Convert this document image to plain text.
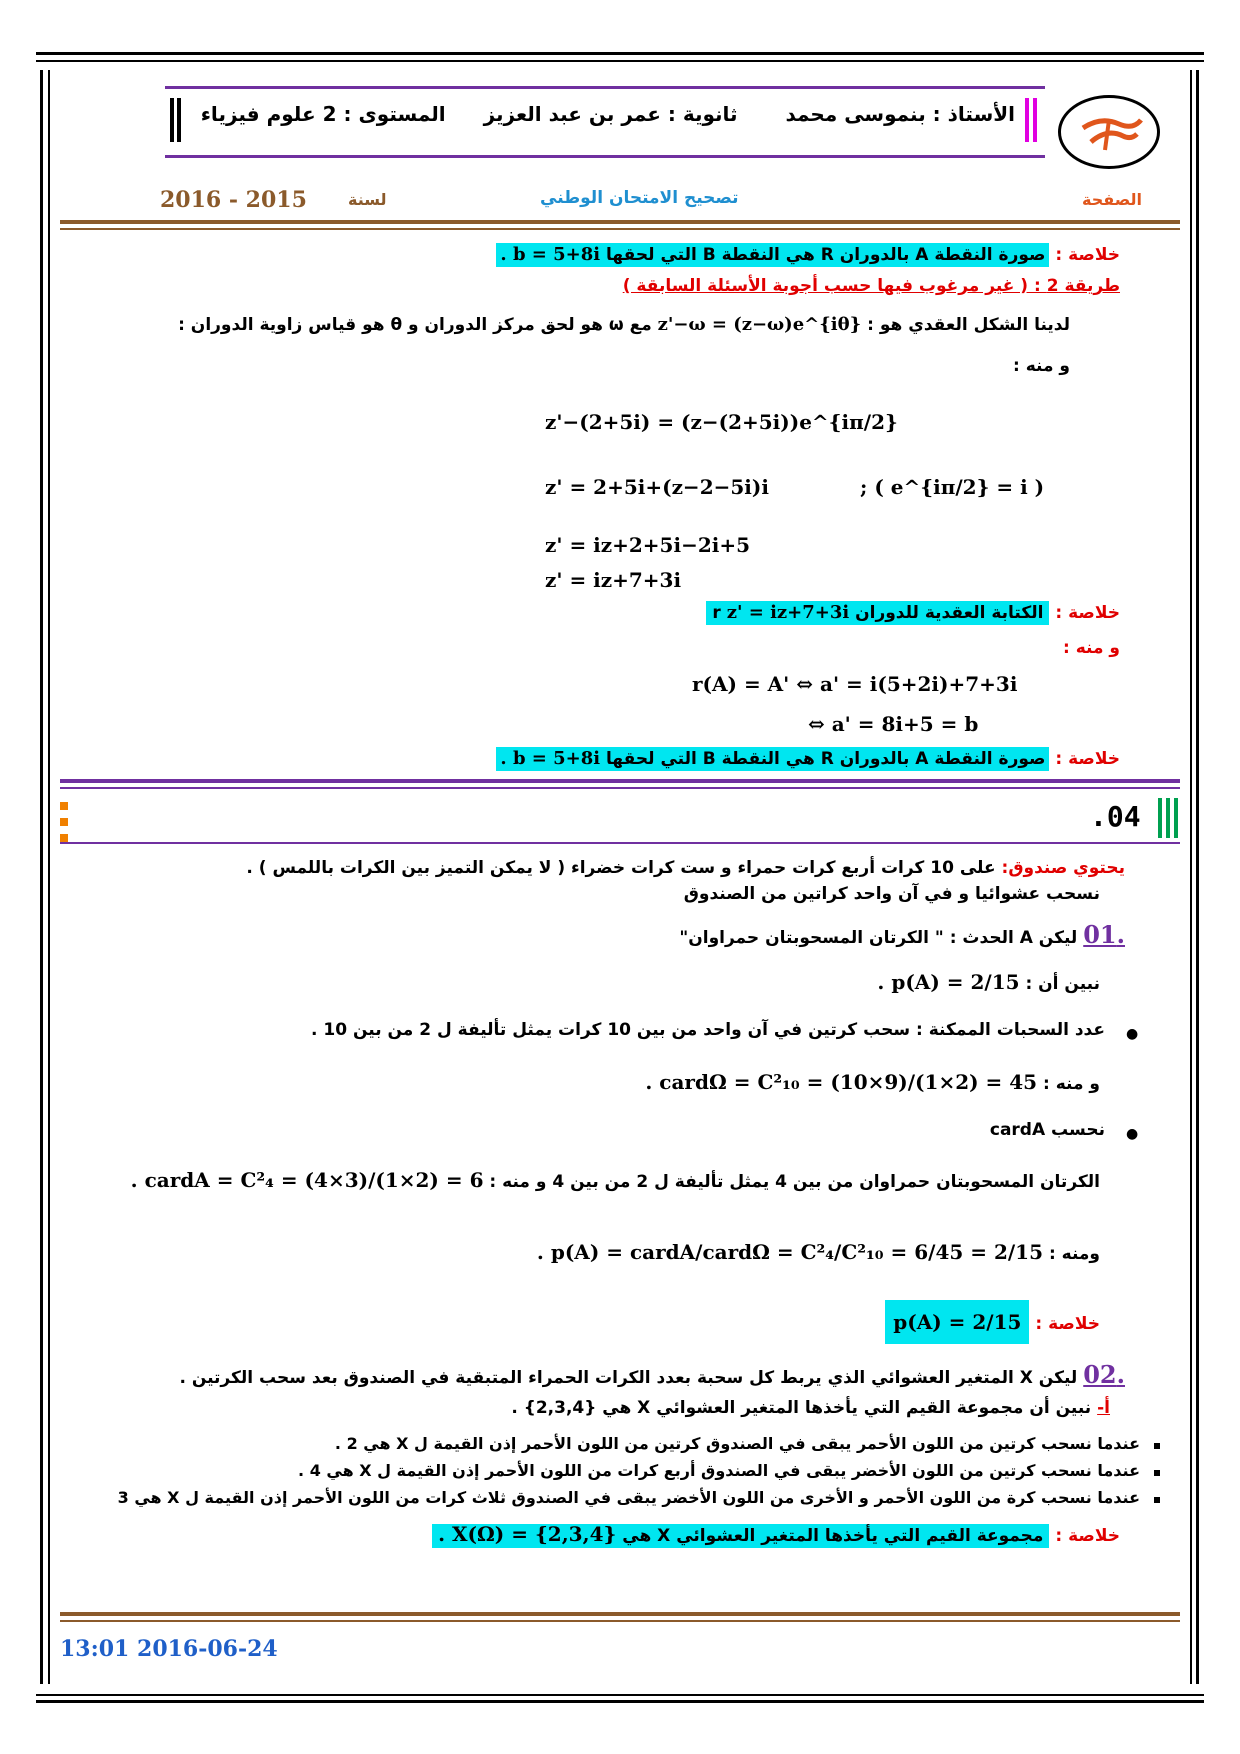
الأستاذ : بنموسى محمد  ثانوية : عمر بن عبد العزيز  المستوى : 2 علوم فيزياء
2016 - 2015	لسنة	تصحيح الامتحان الوطني	الصفحة
خلاصة : صورة النقطة A بالدوران R هي النقطة B التي لحقها b = 5+8i .
طريقة 2 : ( غير مرغوب فيها حسب أجوبة الأسئلة السابقة )
لدينا الشكل العقدي هو : z'−ω = (z−ω)e^{iθ} مع ω هو لحق مركز الدوران و θ هو قياس زاوية الدوران :
و منه :
z'−(2+5i) = (z−(2+5i))e^{iπ/2}
z' = 2+5i+(z−2−5i)i	; ( e^{iπ/2} = i )
z' = iz+2+5i−2i+5
z' = iz+7+3i
خلاصة : الكتابة العقدية للدوران r z' = iz+7+3i
و منه :
r(A) = A' ⇔ a' = i(5+2i)+7+3i
⇔ a' = 8i+5 = b
خلاصة : صورة النقطة A بالدوران R هي النقطة B التي لحقها b = 5+8i .
.04
يحتوي صندوق: على 10 كرات أربع كرات حمراء و ست كرات خضراء ( لا يمكن التميز بين الكرات باللمس ) .
نسحب عشوائيا و في آن واحد كراتين من الصندوق
.01 ليكن A الحدث : " الكرتان المسحوبتان حمراوان"
نبين أن : p(A) = 2/15 .
●
عدد السحبات الممكنة : سحب كرتين في آن واحد من بين 10 كرات يمثل تأليفة ل 2 من بين 10 .
و منه : cardΩ = C²₁₀ = (10×9)/(1×2) = 45 .
●
نحسب cardA
الكرتان المسحوبتان حمراوان من بين 4 يمثل تأليفة ل 2 من بين 4 و منه : cardA = C²₄ = (4×3)/(1×2) = 6 .
ومنه : p(A) = cardA/cardΩ = C²₄/C²₁₀ = 6/45 = 2/15 .
خلاصة : p(A) = 2/15
.02 ليكن X المتغير العشوائي الذي يربط كل سحبة بعدد الكرات الحمراء المتبقية في الصندوق بعد سحب الكرتين .
أ- نبين أن مجموعة القيم التي يأخذها المتغير العشوائي X هي {2,3,4} .
عندما نسحب كرتين من اللون الأحمر يبقى في الصندوق كرتين من اللون الأحمر إذن القيمة ل X هي 2 .
عندما نسحب كرتين من اللون الأخضر يبقى في الصندوق أربع كرات من اللون الأحمر إذن القيمة ل X هي 4 .
عندما نسحب كرة من اللون الأحمر و الأخرى من اللون الأخضر يبقى في الصندوق ثلاث كرات من اللون الأحمر إذن القيمة ل X هي 3
خلاصة : مجموعة القيم التي يأخذها المتغير العشوائي X هي X(Ω) = {2,3,4} .
13:01 2016-06-24
